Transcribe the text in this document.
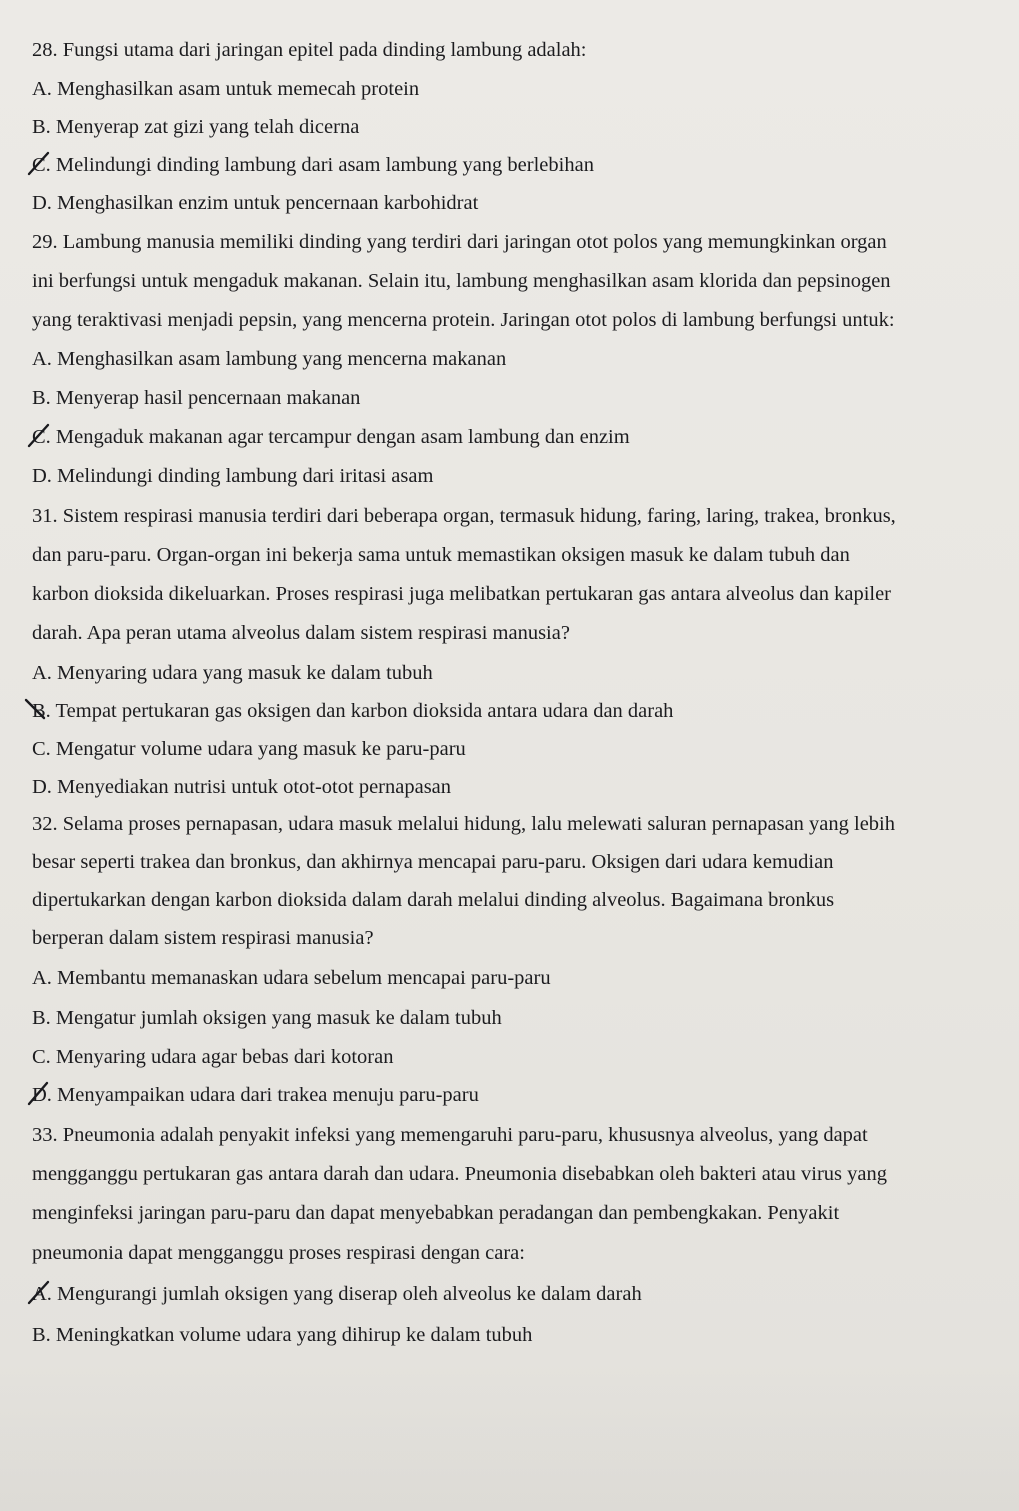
28. Fungsi utama dari jaringan epitel pada dinding lambung adalah:
A. Menghasilkan asam untuk memecah protein
B. Menyerap zat gizi yang telah dicerna
C. Melindungi dinding lambung dari asam lambung yang berlebihan
D. Menghasilkan enzim untuk pencernaan karbohidrat
29. Lambung manusia memiliki dinding yang terdiri dari jaringan otot polos yang memungkinkan organ
ini berfungsi untuk mengaduk makanan. Selain itu, lambung menghasilkan asam klorida dan pepsinogen
yang teraktivasi menjadi pepsin, yang mencerna protein. Jaringan otot polos di lambung berfungsi untuk:
A. Menghasilkan asam lambung yang mencerna makanan
B. Menyerap hasil pencernaan makanan
C. Mengaduk makanan agar tercampur dengan asam lambung dan enzim
D. Melindungi dinding lambung dari iritasi asam
31. Sistem respirasi manusia terdiri dari beberapa organ, termasuk hidung, faring, laring, trakea, bronkus,
dan paru-paru. Organ-organ ini bekerja sama untuk memastikan oksigen masuk ke dalam tubuh dan
karbon dioksida dikeluarkan. Proses respirasi juga melibatkan pertukaran gas antara alveolus dan kapiler
darah. Apa peran utama alveolus dalam sistem respirasi manusia?
A. Menyaring udara yang masuk ke dalam tubuh
B. Tempat pertukaran gas oksigen dan karbon dioksida antara udara dan darah
C. Mengatur volume udara yang masuk ke paru-paru
D. Menyediakan nutrisi untuk otot-otot pernapasan
32. Selama proses pernapasan, udara masuk melalui hidung, lalu melewati saluran pernapasan yang lebih
besar seperti trakea dan bronkus, dan akhirnya mencapai paru-paru. Oksigen dari udara kemudian
dipertukarkan dengan karbon dioksida dalam darah melalui dinding alveolus. Bagaimana bronkus
berperan dalam sistem respirasi manusia?
A. Membantu memanaskan udara sebelum mencapai paru-paru
B. Mengatur jumlah oksigen yang masuk ke dalam tubuh
C. Menyaring udara agar bebas dari kotoran
D. Menyampaikan udara dari trakea menuju paru-paru
33. Pneumonia adalah penyakit infeksi yang memengaruhi paru-paru, khususnya alveolus, yang dapat
mengganggu pertukaran gas antara darah dan udara. Pneumonia disebabkan oleh bakteri atau virus yang
menginfeksi jaringan paru-paru dan dapat menyebabkan peradangan dan pembengkakan. Penyakit
pneumonia dapat mengganggu proses respirasi dengan cara:
A. Mengurangi jumlah oksigen yang diserap oleh alveolus ke dalam darah
B. Meningkatkan volume udara yang dihirup ke dalam tubuh
